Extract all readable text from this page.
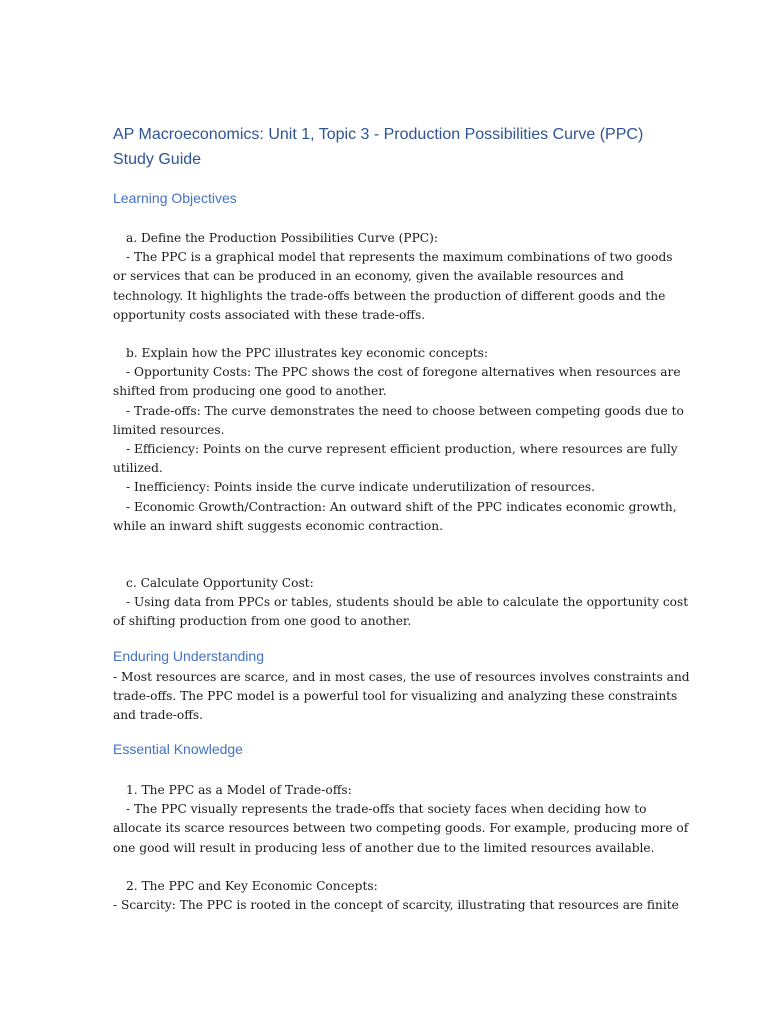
AP Macroeconomics: Unit 1, Topic 3 - Production Possibilities Curve (PPC)
Study Guide
Learning Objectives
a. Define the Production Possibilities Curve (PPC):
- The PPC is a graphical model that represents the maximum combinations of two goods
or services that can be produced in an economy, given the available resources and
technology. It highlights the trade-offs between the production of different goods and the
opportunity costs associated with these trade-offs.
b. Explain how the PPC illustrates key economic concepts:
- Opportunity Costs: The PPC shows the cost of foregone alternatives when resources are
shifted from producing one good to another.
- Trade-offs: The curve demonstrates the need to choose between competing goods due to
limited resources.
- Efficiency: Points on the curve represent efficient production, where resources are fully
utilized.
- Inefficiency: Points inside the curve indicate underutilization of resources.
- Economic Growth/Contraction: An outward shift of the PPC indicates economic growth,
while an inward shift suggests economic contraction.
c. Calculate Opportunity Cost:
- Using data from PPCs or tables, students should be able to calculate the opportunity cost
of shifting production from one good to another.
Enduring Understanding
- Most resources are scarce, and in most cases, the use of resources involves constraints and
trade-offs. The PPC model is a powerful tool for visualizing and analyzing these constraints
and trade-offs.
Essential Knowledge
1. The PPC as a Model of Trade-offs:
- The PPC visually represents the trade-offs that society faces when deciding how to
allocate its scarce resources between two competing goods. For example, producing more of
one good will result in producing less of another due to the limited resources available.
2. The PPC and Key Economic Concepts:
- Scarcity: The PPC is rooted in the concept of scarcity, illustrating that resources are finite
